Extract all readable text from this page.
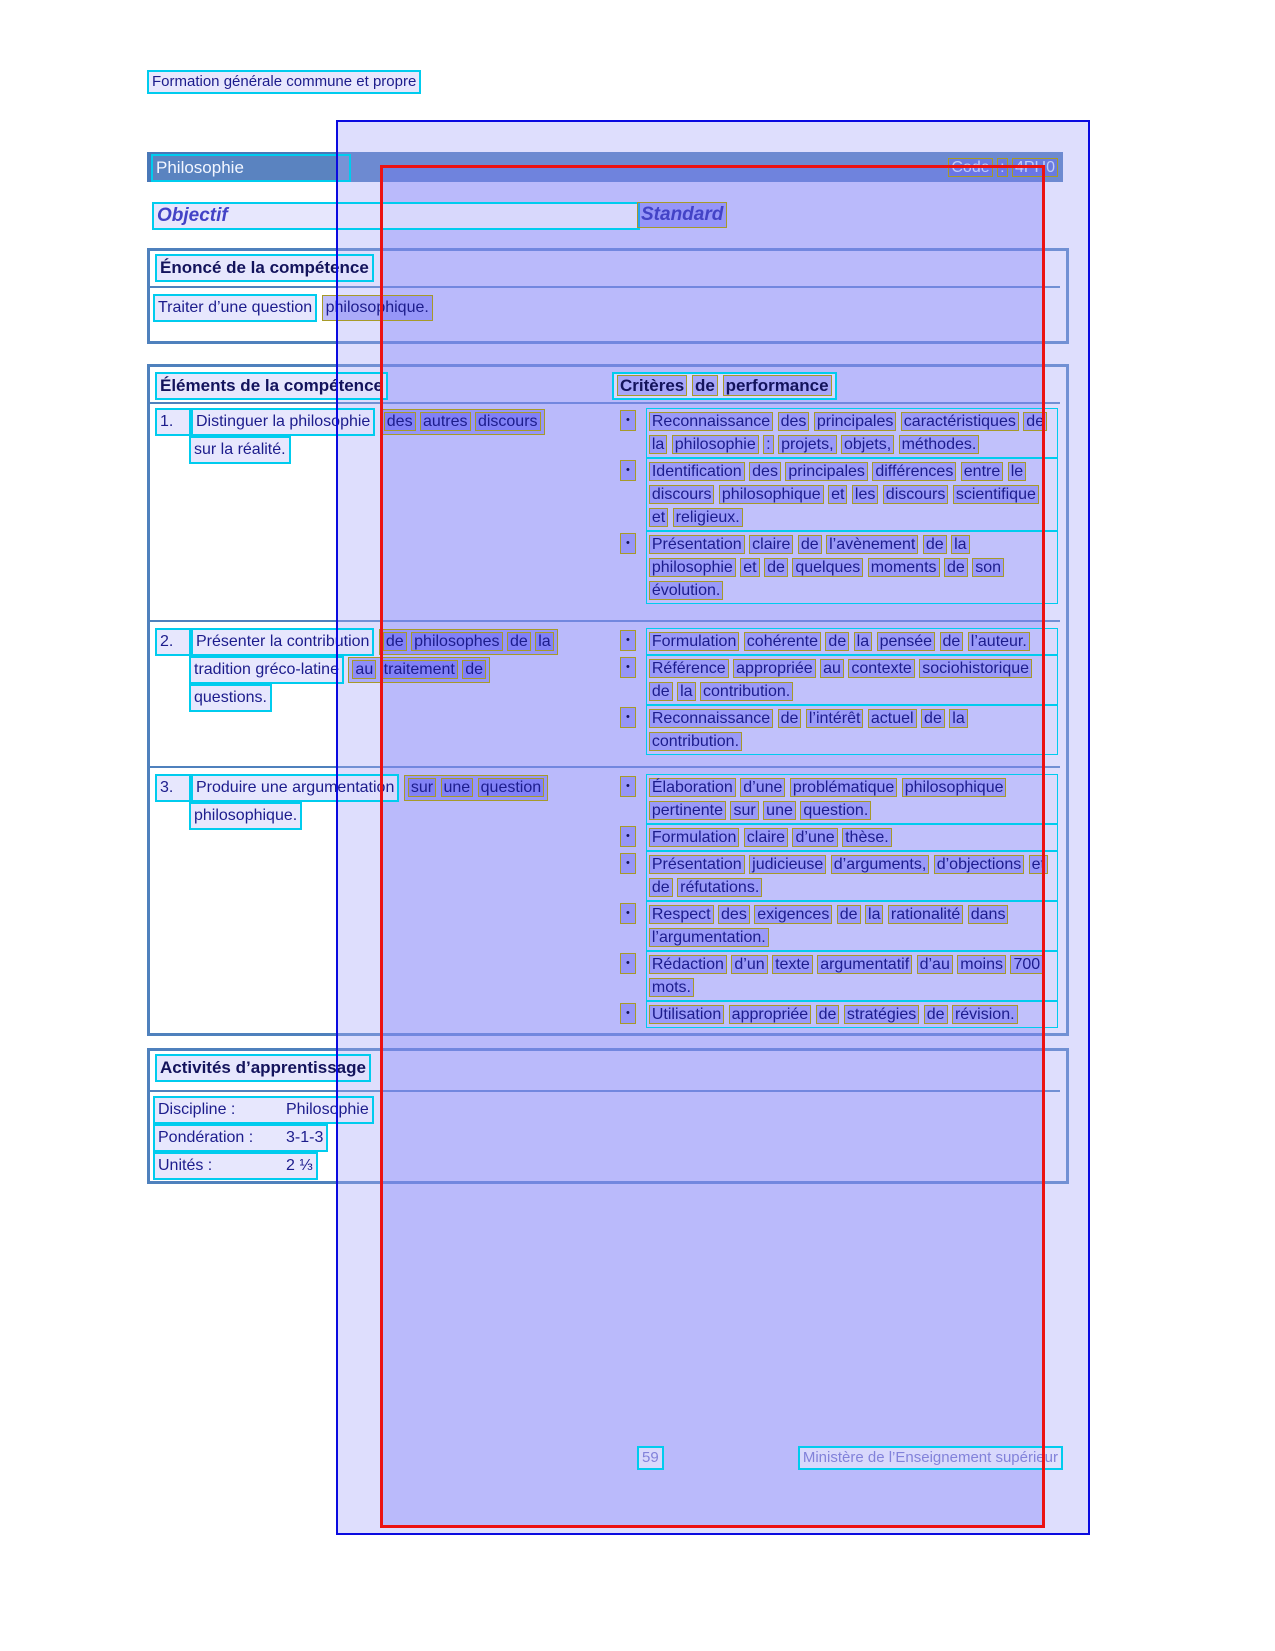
Formation générale commune et propre
Philosophie	Code : 4PH0
Objectif	Standard
Énoncé de la compétence
Traiter d’une question philosophique.
Éléments de la compétence	Critères de performance
1. Distinguer la philosophie des autres discours
sur la réalité.
•	Reconnaissance des principales caractéristiques de la philosophie : projets, objets, méthodes.
•	Identification des principales différences entre le discours philosophique et les discours scientifique et religieux.
•	Présentation claire de l’avènement de la philosophie et de quelques moments de son évolution.
2. Présenter la contribution de philosophes de la
tradition gréco-latine au traitement de
questions.
•	Formulation cohérente de la pensée de l’auteur.
•	Référence appropriée au contexte sociohistorique de la contribution.
•	Reconnaissance de l’intérêt actuel de la contribution.
3. Produire une argumentation sur une question
philosophique.
•	Élaboration d’une problématique philosophique pertinente sur une question.
•	Formulation claire d’une thèse.
•	Présentation judicieuse d’arguments, d’objections et de réfutations.
•	Respect des exigences de la rationalité dans l’argumentation.
•	Rédaction d’un texte argumentatif d’au moins 700 mots.
•	Utilisation appropriée de stratégies de révision.
Activités d’apprentissage
Discipline :	Philosophie
Pondération : 3-1-3
Unités :	2 ⅓
59	Ministère de l’Enseignement supérieur
